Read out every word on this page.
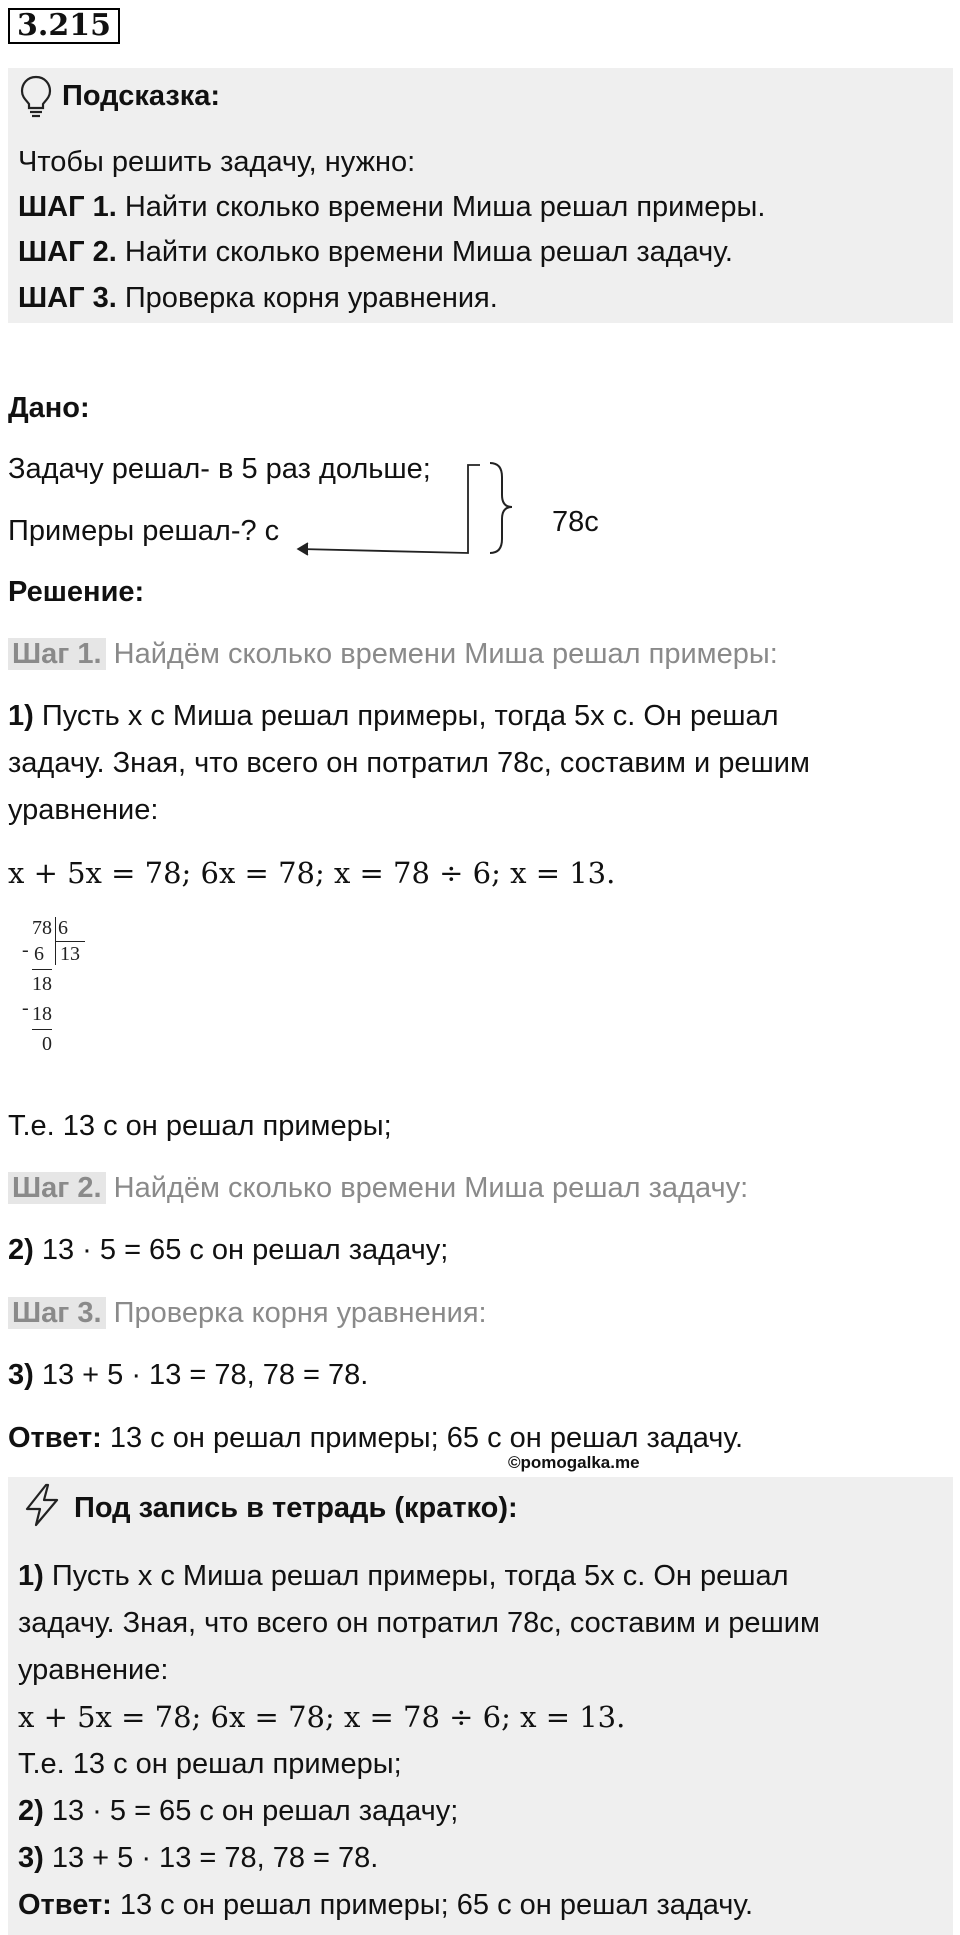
3.215
Подсказка:
Чтобы решить задачу, нужно:
ШАГ 1. Найти сколько времени Миша решал примеры.
ШАГ 2. Найти сколько времени Миша решал задачу.
ШАГ 3. Проверка корня уравнения.
Дано:
Задачу решал- в 5 раз дольше;
Примеры решал-? с	78с
Решение:
Шаг 1. Найдём сколько времени Миша решал примеры:
1) Пусть x с Миша решал примеры, тогда 5x с. Он решал
задачу. Зная, что всего он потратил 78с, составим и решим
уравнение:
x + 5x = 78; 6x = 78; x = 78 ÷ 6; x = 13.
78 6
13
- 6
18
- 18
0
Т.е. 13 с он решал примеры;
Шаг 2. Найдём сколько времени Миша решал задачу:
2) 13 · 5 = 65 с он решал задачу;
Шаг 3. Проверка корня уравнения:
3) 13 + 5 · 13 = 78, 78 = 78.
Ответ: 13 с он решал примеры; 65 с он решал задачу.
©pomogalka.me
Под запись в тетрадь (кратко):
1) Пусть x с Миша решал примеры, тогда 5x с. Он решал
задачу. Зная, что всего он потратил 78с, составим и решим
уравнение:
x + 5x = 78; 6x = 78; x = 78 ÷ 6; x = 13.
Т.е. 13 с он решал примеры;
2) 13 · 5 = 65 с он решал задачу;
3) 13 + 5 · 13 = 78, 78 = 78.
Ответ: 13 с он решал примеры; 65 с он решал задачу.
